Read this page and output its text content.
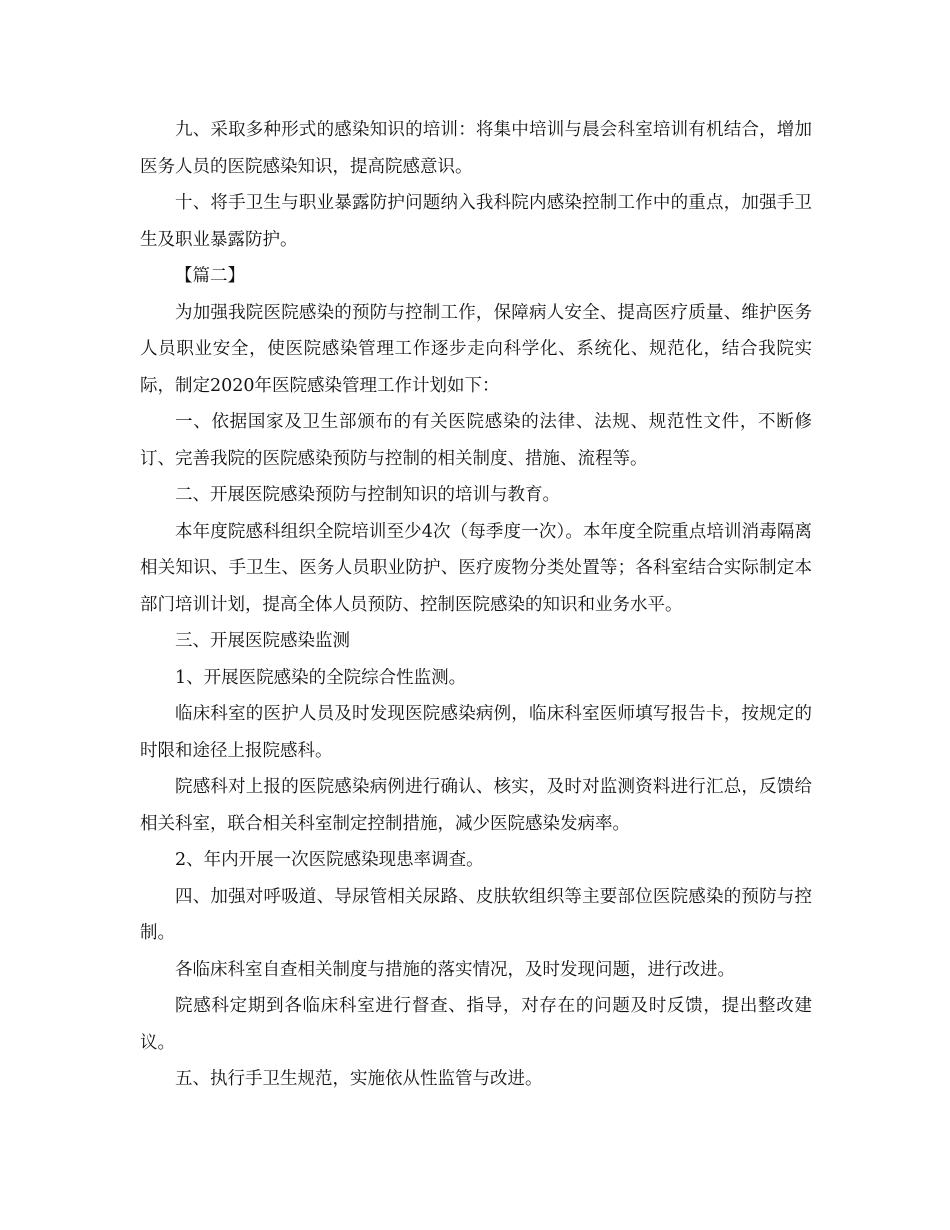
九、采取多种形式的感染知识的培训：将集中培训与晨会科室培训有机结合，增加医务人员的医院感染知识，提高院感意识。

十、将手卫生与职业暴露防护问题纳入我科院内感染控制工作中的重点，加强手卫生及职业暴露防护。

【篇二】

为加强我院医院感染的预防与控制工作，保障病人安全、提高医疗质量、维护医务人员职业安全，使医院感染管理工作逐步走向科学化、系统化、规范化，结合我院实际，制定2020年医院感染管理工作计划如下：

一、依据国家及卫生部颁布的有关医院感染的法律、法规、规范性文件，不断修订、完善我院的医院感染预防与控制的相关制度、措施、流程等。

二、开展医院感染预防与控制知识的培训与教育。

本年度院感科组织全院培训至少4次（每季度一次）。本年度全院重点培训消毒隔离相关知识、手卫生、医务人员职业防护、医疗废物分类处置等；各科室结合实际制定本部门培训计划，提高全体人员预防、控制医院感染的知识和业务水平。

三、开展医院感染监测

1、开展医院感染的全院综合性监测。

临床科室的医护人员及时发现医院感染病例，临床科室医师填写报告卡，按规定的时限和途径上报院感科。

院感科对上报的医院感染病例进行确认、核实，及时对监测资料进行汇总，反馈给相关科室，联合相关科室制定控制措施，减少医院感染发病率。

2、年内开展一次医院感染现患率调查。

四、加强对呼吸道、导尿管相关尿路、皮肤软组织等主要部位医院感染的预防与控制。

各临床科室自查相关制度与措施的落实情况，及时发现问题，进行改进。

院感科定期到各临床科室进行督查、指导，对存在的问题及时反馈，提出整改建议。

五、执行手卫生规范，实施依从性监管与改进。
